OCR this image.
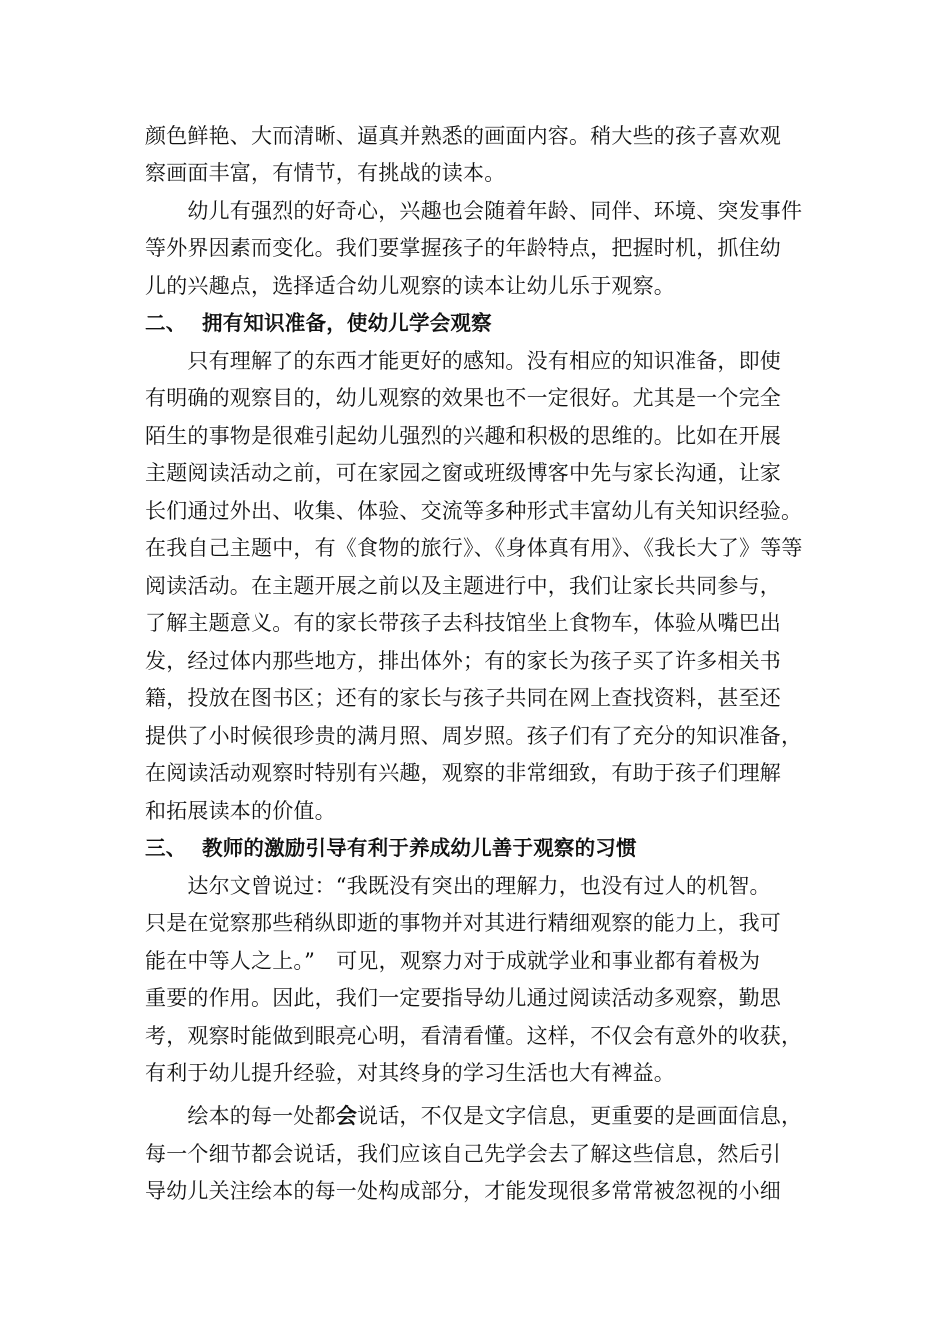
颜色鲜艳、大而清晰、逼真并熟悉的画面内容。稍大些的孩子喜欢观
察画面丰富，有情节，有挑战的读本。
　　幼儿有强烈的好奇心，兴趣也会随着年龄、同伴、环境、突发事件
等外界因素而变化。我们要掌握孩子的年龄特点，把握时机，抓住幼
儿的兴趣点，选择适合幼儿观察的读本让幼儿乐于观察。
二、 拥有知识准备，使幼儿学会观察
　　只有理解了的东西才能更好的感知。没有相应的知识准备，即使
有明确的观察目的，幼儿观察的效果也不一定很好。尤其是一个完全
陌生的事物是很难引起幼儿强烈的兴趣和积极的思维的。比如在开展
主题阅读活动之前，可在家园之窗或班级博客中先与家长沟通，让家
长们通过外出、收集、体验、交流等多种形式丰富幼儿有关知识经验。
在我自己主题中，有《食物的旅行》、《身体真有用》、《我长大了》等等
阅读活动。在主题开展之前以及主题进行中，我们让家长共同参与，
了解主题意义。有的家长带孩子去科技馆坐上食物车，体验从嘴巴出
发，经过体内那些地方，排出体外；有的家长为孩子买了许多相关书
籍，投放在图书区；还有的家长与孩子共同在网上查找资料，甚至还
提供了小时候很珍贵的满月照、周岁照。孩子们有了充分的知识准备，
在阅读活动观察时特别有兴趣，观察的非常细致，有助于孩子们理解
和拓展读本的价值。
三、 教师的激励引导有利于养成幼儿善于观察的习惯
　　达尔文曾说过：“我既没有突出的理解力，也没有过人的机智。
只是在觉察那些稍纵即逝的事物并对其进行精细观察的能力上，我可
能在中等人之上。”　可见，观察力对于成就学业和事业都有着极为
重要的作用。因此，我们一定要指导幼儿通过阅读活动多观察，勤思
考，观察时能做到眼亮心明，看清看懂。这样，不仅会有意外的收获，
有利于幼儿提升经验，对其终身的学习生活也大有裨益。
　　绘本的每一处都会说话，不仅是文字信息，更重要的是画面信息，
每一个细节都会说话，我们应该自己先学会去了解这些信息，然后引
导幼儿关注绘本的每一处构成部分，才能发现很多常常被忽视的小细
